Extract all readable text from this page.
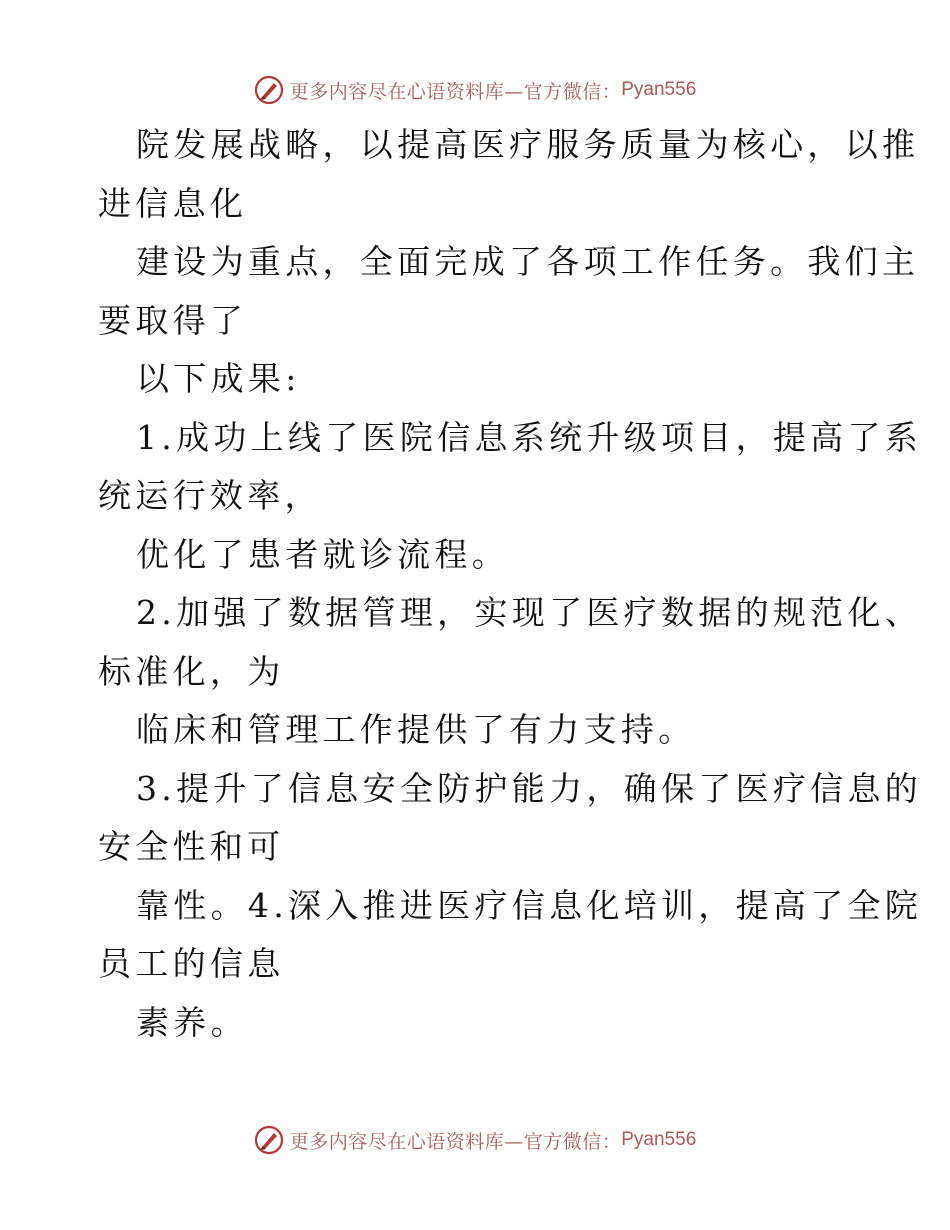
更多内容尽在心语资料库—官方微信： Pyan556
院发展战略，以提高医疗服务质量为核心，以推
进信息化
建设为重点，全面完成了各项工作任务。我们主
要取得了
以下成果:
1.成功上线了医院信息系统升级项目，提高了系
统运行效率，
优化了患者就诊流程。
2.加强了数据管理，实现了医疗数据的规范化、
标准化，为
临床和管理工作提供了有力支持。
3.提升了信息安全防护能力，确保了医疗信息的
安全性和可
靠性。4.深入推进医疗信息化培训，提高了全院
员工的信息
素养。
更多内容尽在心语资料库—官方微信： Pyan556
